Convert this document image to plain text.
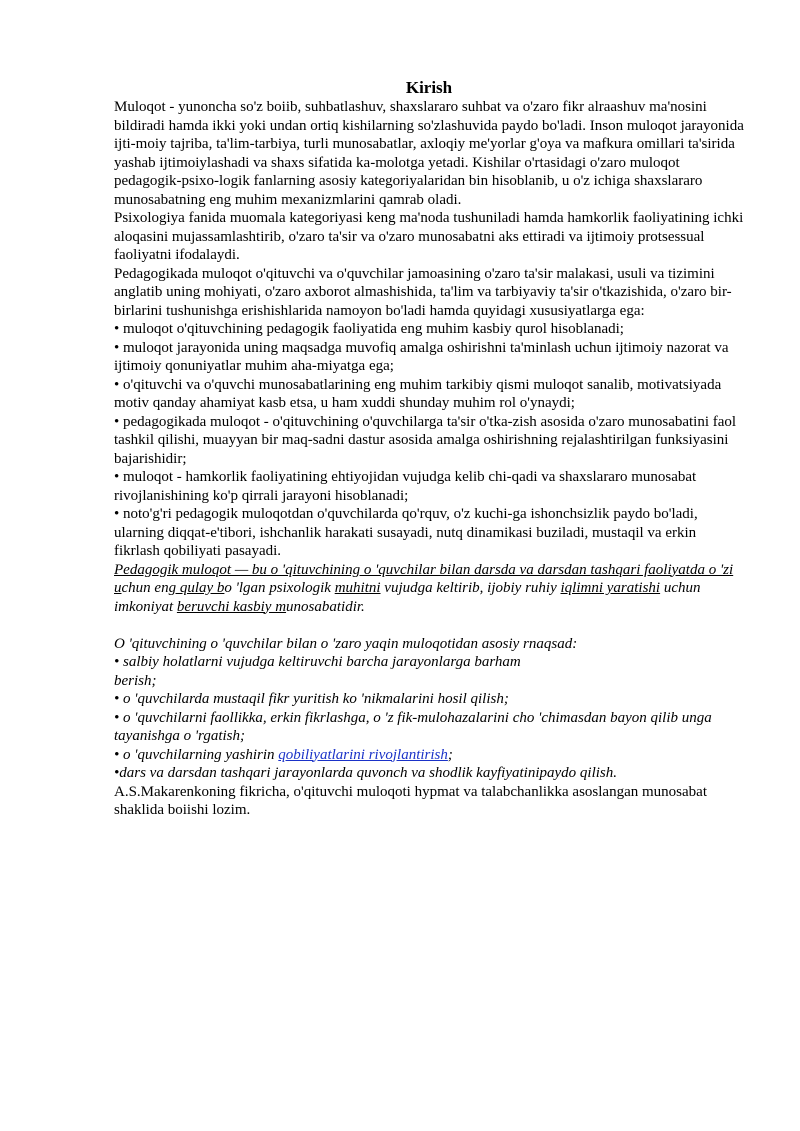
Kirish

Muloqot - yunoncha so'z boiib, suhbatlashuv, shaxslararo suhbat va o'zaro fikr alraashuv ma'nosini bildiradi hamda ikki yoki undan ortiq kishilarning so'zlashuvida paydo bo'ladi. Inson muloqot jarayonida ijti-moiy tajriba, ta'lim-tarbiya, turli munosabatlar, axloqiy me'yorlar g'oya va mafkura omillari ta'sirida yashab ijtimoiylashadi va shaxs sifatida ka-molotga yetadi. Kishilar o'rtasidagi o'zaro muloqot pedagogik-psixo-logik fanlarning asosiy kategoriyalaridan bin hisoblanib, u o'z ichiga shaxslararo munosabatning eng muhim mexanizmlarini qamrab oladi.

Psixologiya fanida muomala kategoriyasi keng ma'noda tushuniladi hamda hamkorlik faoliyatining ichki aloqasini mujassamlashtirib, o'zaro ta'sir va o'zaro munosabatni aks ettiradi va ijtimoiy protsessual faoliyatni ifodalaydi.

Pedagogikada muloqot o'qituvchi va o'quvchilar jamoasining o'zaro ta'sir malakasi, usuli va tizimini anglatib uning mohiyati, o'zaro axborot almashishida, ta'lim va tarbiyaviy ta'sir o'tkazishida, o'zaro bir-birlarini tushunishga erishishlarida namoyon bo'ladi hamda quyidagi xususiyatlarga ega:

• muloqot o'qituvchining pedagogik faoliyatida eng muhim kasbiy qurol hisoblanadi;

• muloqot jarayonida uning maqsadga muvofiq amalga oshirishni ta'minlash uchun ijtimoiy nazorat va ijtimoiy qonuniyatlar muhim aha-miyatga ega;

• o'qituvchi va o'quvchi munosabatlarining eng muhim tarkibiy qismi muloqot sanalib, motivatsiyada motiv qanday ahamiyat kasb etsa, u ham xuddi shunday muhim rol o'ynaydi;

• pedagogikada muloqot - o'qituvchining o'quvchilarga ta'sir o'tka-zish asosida o'zaro munosabatini faol tashkil qilishi, muayyan bir maq-sadni dastur asosida amalga oshirishning rejalashtirilgan funksiyasini bajarishidir;

• muloqot - hamkorlik faoliyatining ehtiyojidan vujudga kelib chi-qadi va shaxslararo munosabat rivojlanishining ko'p qirrali jarayoni hisoblanadi;

• noto'g'ri pedagogik muloqotdan o'quvchilarda qo'rquv, o'z kuchi-ga ishonchsizlik paydo bo'ladi, ularning diqqat-e'tibori, ishchanlik harakati susayadi, nutq dinamikasi buziladi, mustaqil va erkin fikrlash qobiliyati pasayadi.

Pedagogik muloqot — bu o 'qituvchining o 'quvchilar bilan darsda va darsdan tashqari faoliyatda o 'zi uchun eng qulay bo 'lgan psixologik muhitni vujudga keltirib, ijobiy ruhiy iqlimni yaratishi uchun imkoniyat beruvchi kasbiy munosabatidir.

O 'qituvchining o 'quvchilar bilan o 'zaro yaqin muloqotidan asosiy rnaqsad:

• salbiy holatlarni vujudga keltiruvchi barcha jarayonlarga barham

berish;

• o 'quvchilarda mustaqil fikr yuritish ko 'nikmalarini hosil qilish;

• o 'quvchilarni faollikka, erkin fikrlashga, o 'z fik-mulohazalarini cho 'chimasdan bayon qilib unga tayanishga o 'rgatish;

• o 'quvchilarning yashirin qobiliyatlarini rivojlantirish;

•dars va darsdan tashqari jarayonlarda quvonch va shodlik kayfiyatinipaydo qilish.

A.S.Makarenkoning fikricha, o'qituvchi muloqoti hypmat va talabchanlikka asoslangan munosabat shaklida boiishi lozim.
